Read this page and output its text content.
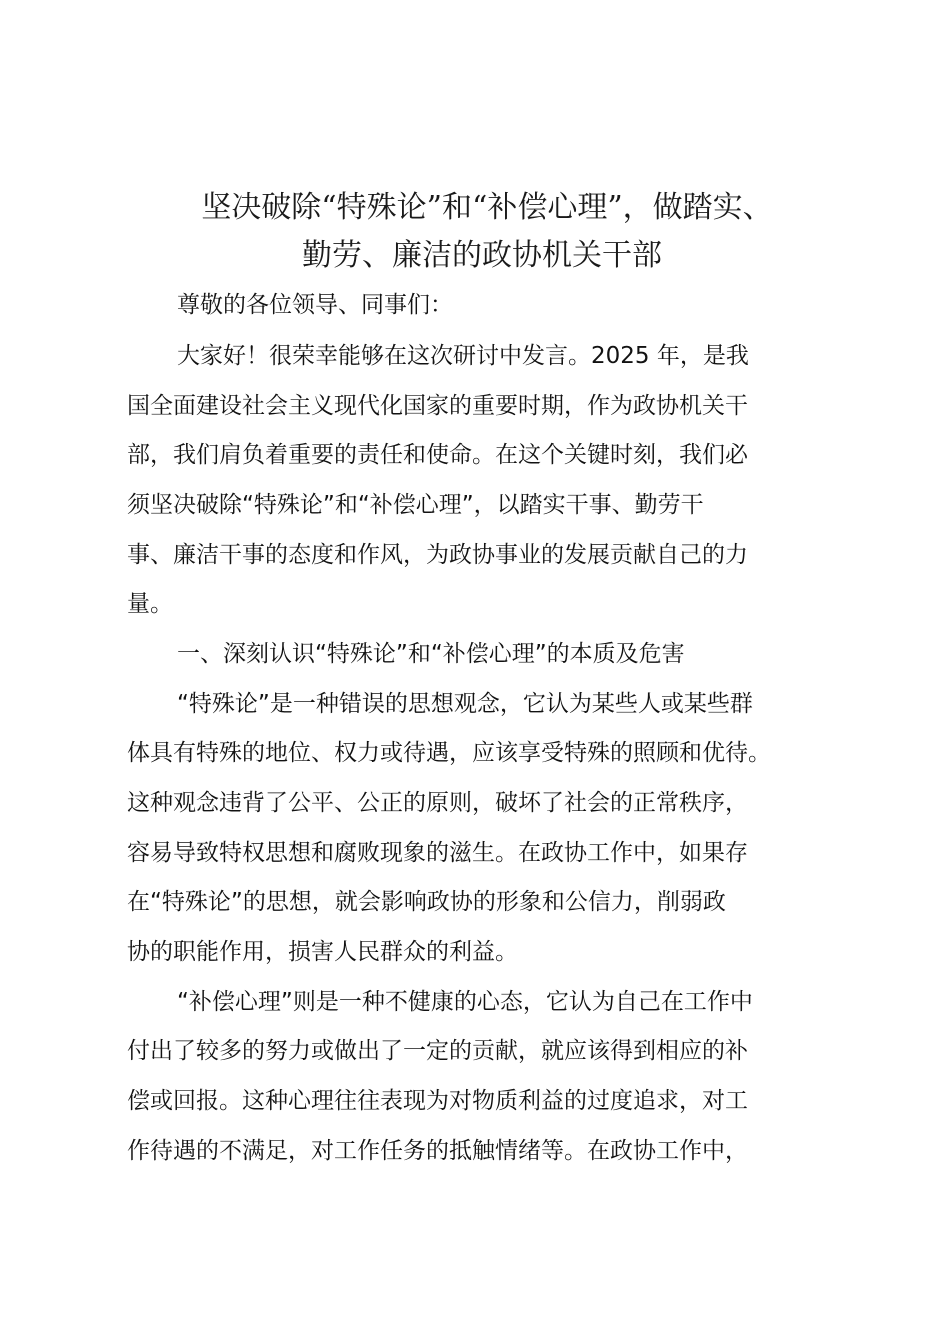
坚决破除“特殊论”和“补偿心理”，做踏实、
勤劳、廉洁的政协机关干部
尊敬的各位领导、同事们：
大家好！很荣幸能够在这次研讨中发言。2025 年，是我
国全面建设社会主义现代化国家的重要时期，作为政协机关干
部，我们肩负着重要的责任和使命。在这个关键时刻，我们必
须坚决破除“特殊论”和“补偿心理”，以踏实干事、勤劳干
事、廉洁干事的态度和作风，为政协事业的发展贡献自己的力
量。
一、深刻认识“特殊论”和“补偿心理”的本质及危害
“特殊论”是一种错误的思想观念，它认为某些人或某些群
体具有特殊的地位、权力或待遇，应该享受特殊的照顾和优待。
这种观念违背了公平、公正的原则，破坏了社会的正常秩序，
容易导致特权思想和腐败现象的滋生。在政协工作中，如果存
在“特殊论”的思想，就会影响政协的形象和公信力，削弱政
协的职能作用，损害人民群众的利益。
“补偿心理”则是一种不健康的心态，它认为自己在工作中
付出了较多的努力或做出了一定的贡献，就应该得到相应的补
偿或回报。这种心理往往表现为对物质利益的过度追求，对工
作待遇的不满足，对工作任务的抵触情绪等。在政协工作中，
